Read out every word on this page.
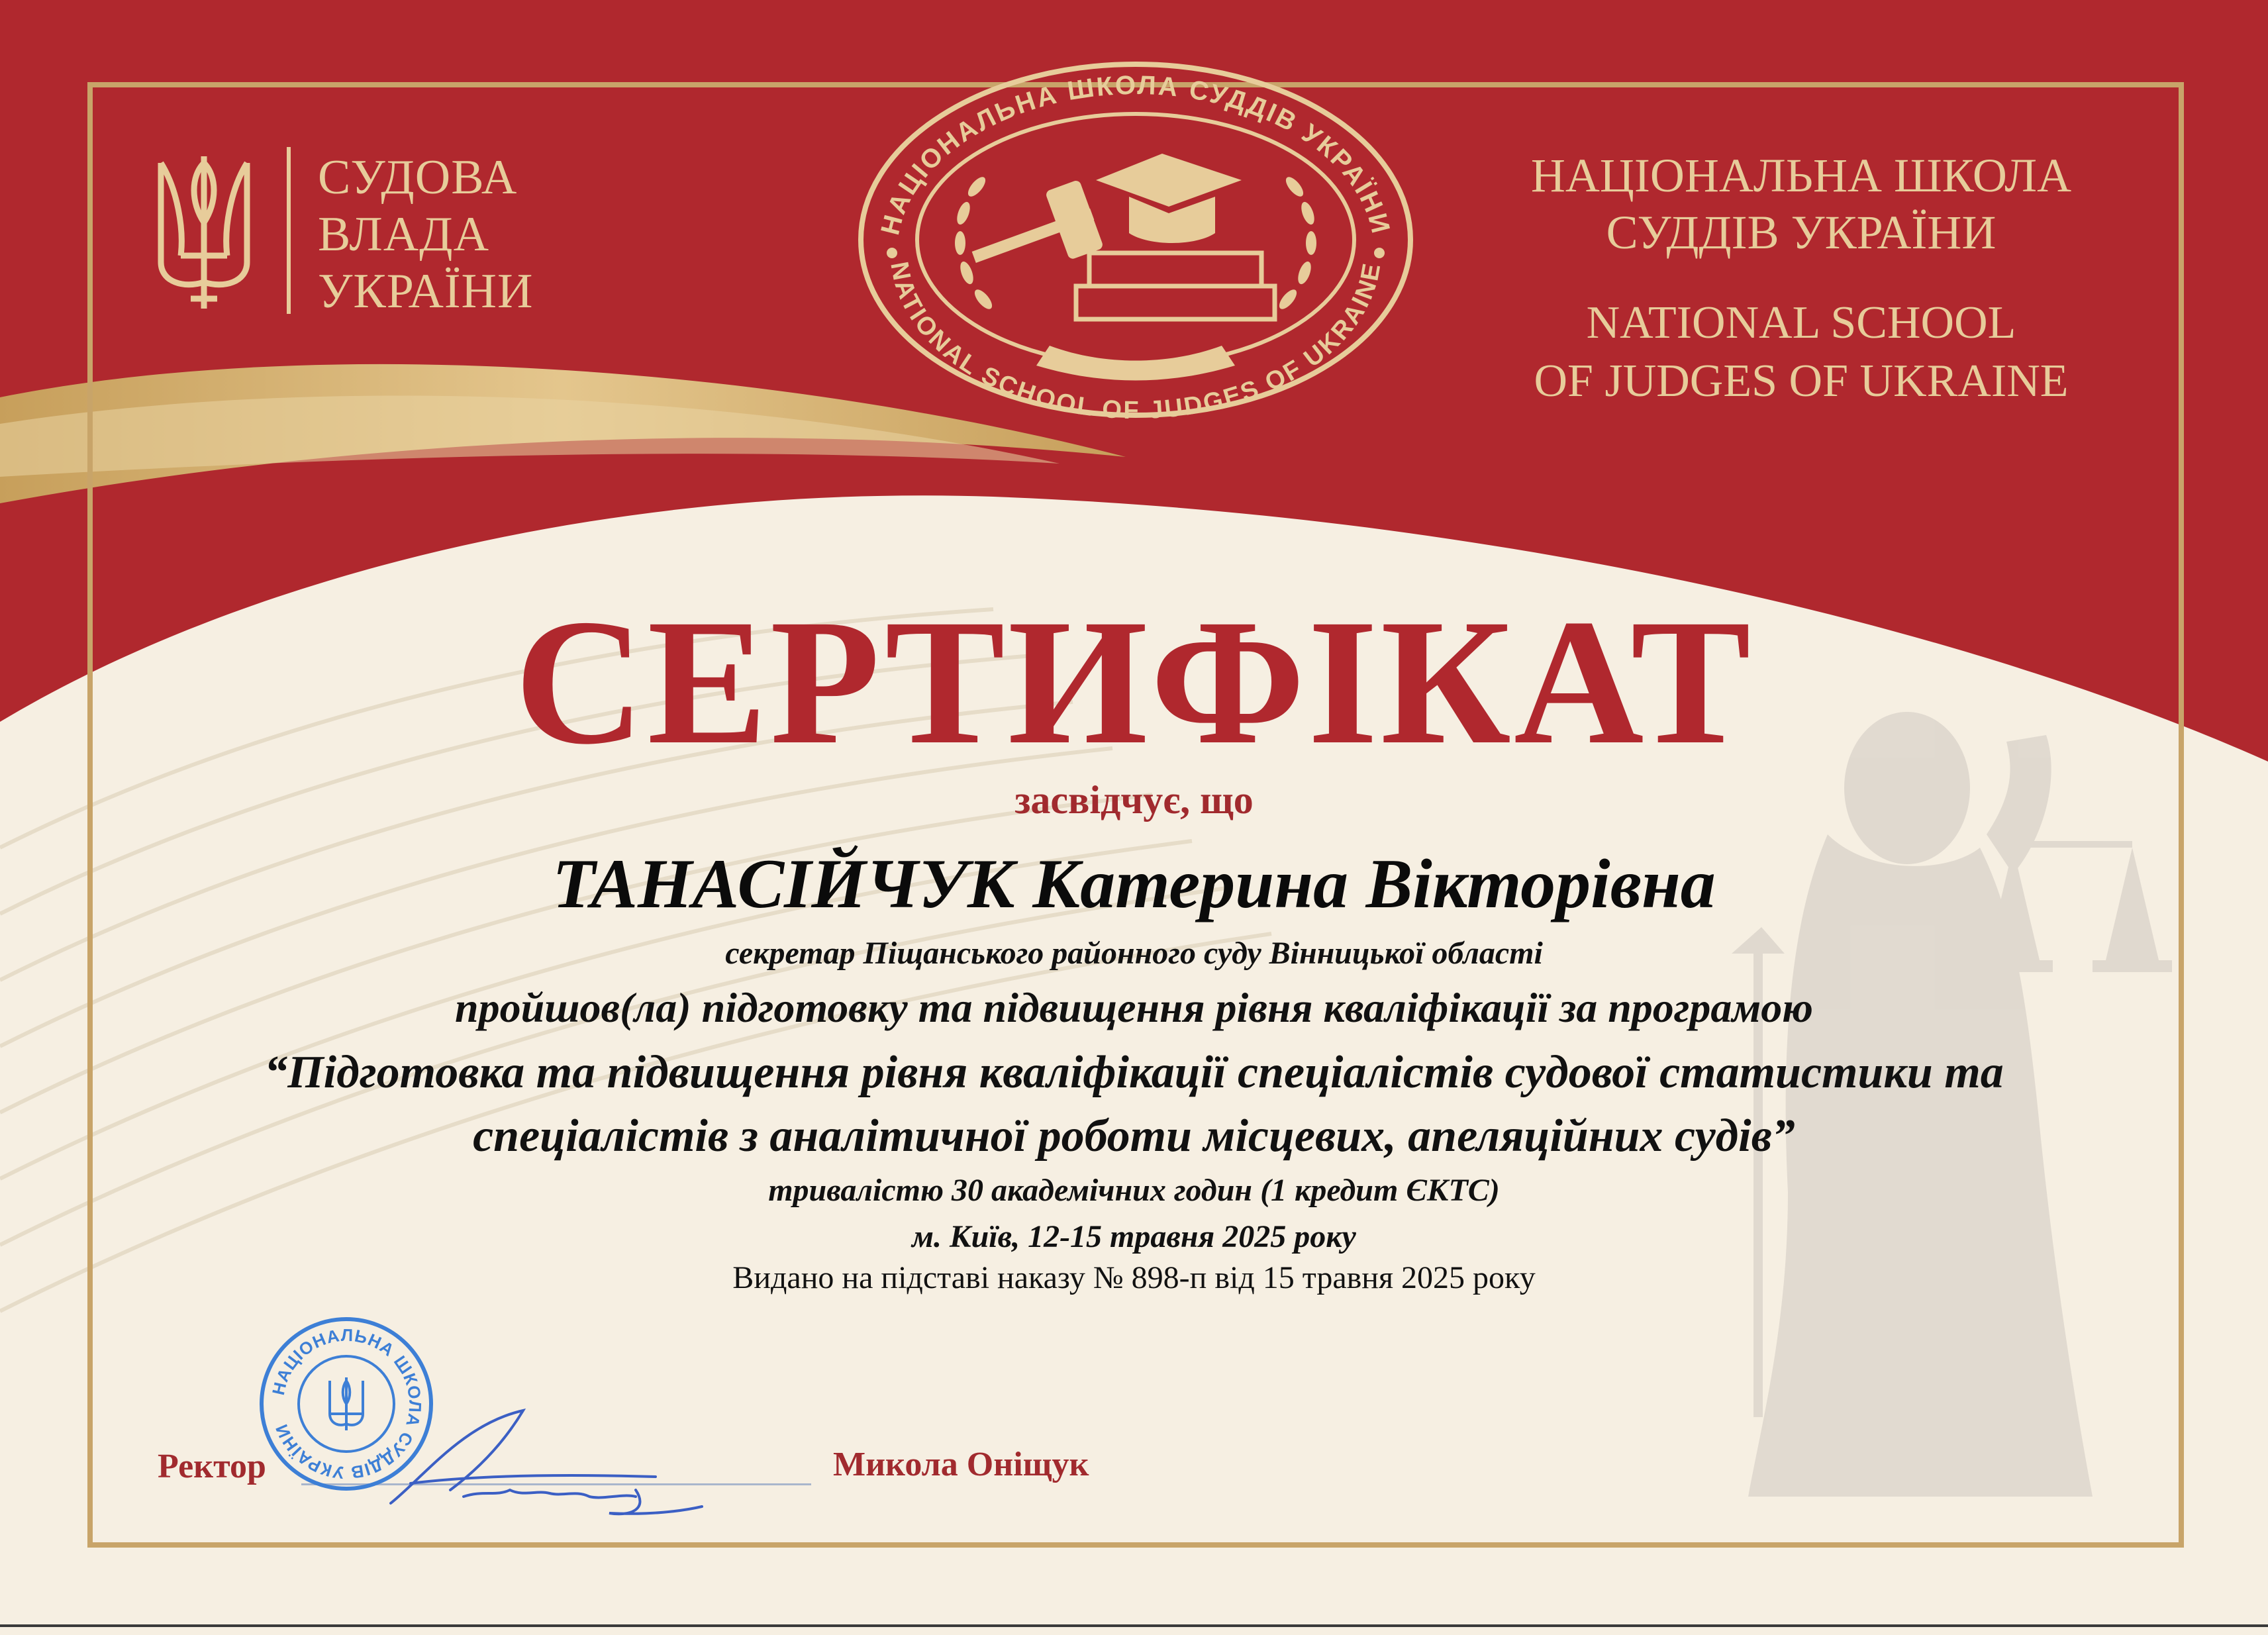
СУДОВА
ВЛАДА
УКРАЇНИ
НАЦІОНАЛЬНА ШКОЛА СУДДІВ УКРАЇНИ
NATIONAL SCHOOL OF JUDGES OF UKRAINE
НАЦІОНАЛЬНА ШКОЛА
СУДДІВ УКРАЇНИ
NATIONAL SCHOOL
OF JUDGES OF UKRAINE
СЕРТИФІКАТ
засвідчує, що
ТАНАСІЙЧУК Катерина Вікторівна
секретар Піщанського районного суду Вінницької області
пройшов(ла) підготовку та підвищення рівня кваліфікації за програмою
“Підготовка та підвищення рівня кваліфікації спеціалістів судової статистики та
спеціалістів з аналітичної роботи місцевих, апеляційних судів”
тривалістю 30 академічних годин (1 кредит ЄКТС)
м. Київ, 12-15 травня 2025 року
Видано на підставі наказу № 898-п від 15 травня 2025 року
Ректор	Микола Оніщук
НАЦІОНАЛЬНА ШКОЛА СУДДІВ УКРАЇНИ
